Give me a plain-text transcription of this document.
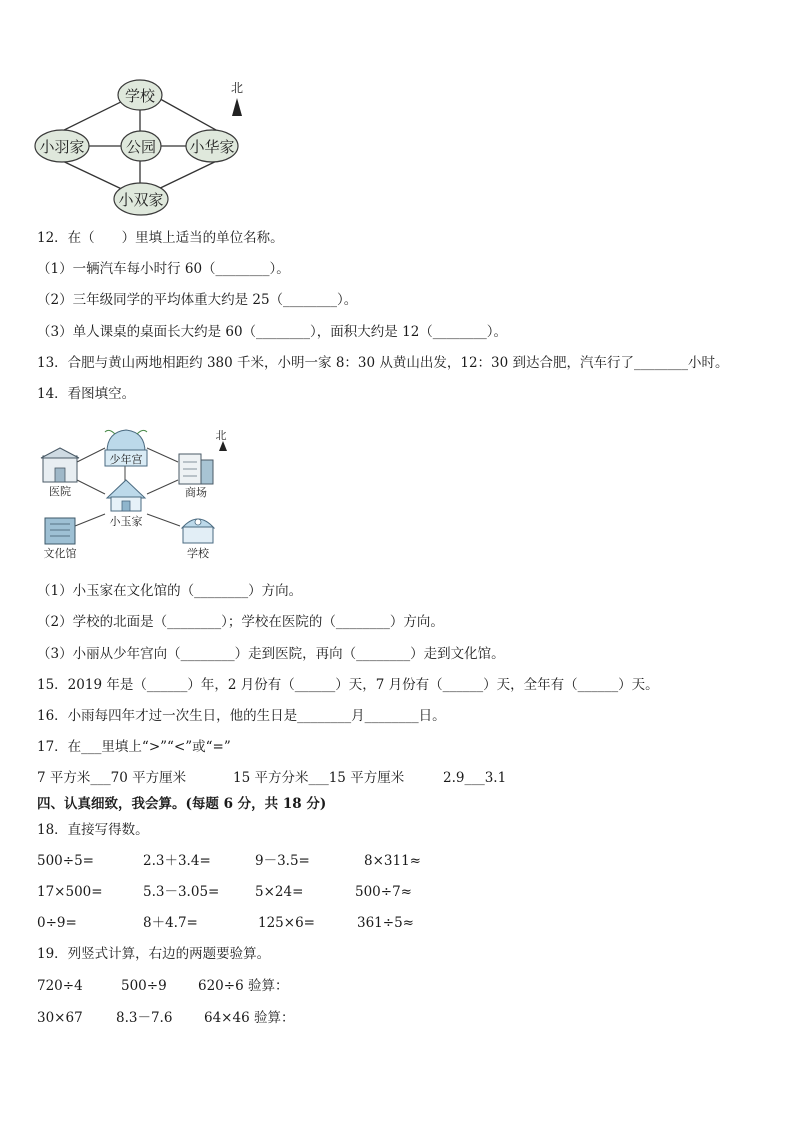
学校
小羽家	公园 小华家
小双家
北
12．在（　　）里填上适当的单位名称。
（1）一辆汽车每小时行 60（________）。
（2）三年级同学的平均体重大约是 25（________）。
（3）单人课桌的桌面长大约是 60（________），面积大约是 12（________）。
13．合肥与黄山两地相距约 380 千米，小明一家 8：30 从黄山出发，12：30 到达合肥，汽车行了________小时。
14．看图填空。
少年宫
医院	商场
小玉家
文化馆	学校
北
（1）小玉家在文化馆的（________）方向。
（2）学校的北面是（________）；学校在医院的（________）方向。
（3）小丽从少年宫向（________）走到医院，再向（________）走到文化馆。
15．2019 年是（______）年，2 月份有（______）天，7 月份有（______）天，全年有（______）天。
16．小雨每四年才过一次生日，他的生日是________月________日。
17．在___里填上“>”“<”或“=”
7 平方米___70 平方厘米	15 平方分米___15 平方厘米	2.9___3.1
四、认真细致，我会算。(每题 6 分，共 18 分)
18．直接写得数。
500÷5=	2.3＋3.4=	9－3.5=	8×311≈
17×500=	5.3－3.05=	5×24=	500÷7≈
0÷9=	8＋4.7=	125×6=	361÷5≈
19．列竖式计算，右边的两题要验算。
720÷4	500÷9 620÷6 验算：
30×67 8.3－7.6 64×46 验算：
